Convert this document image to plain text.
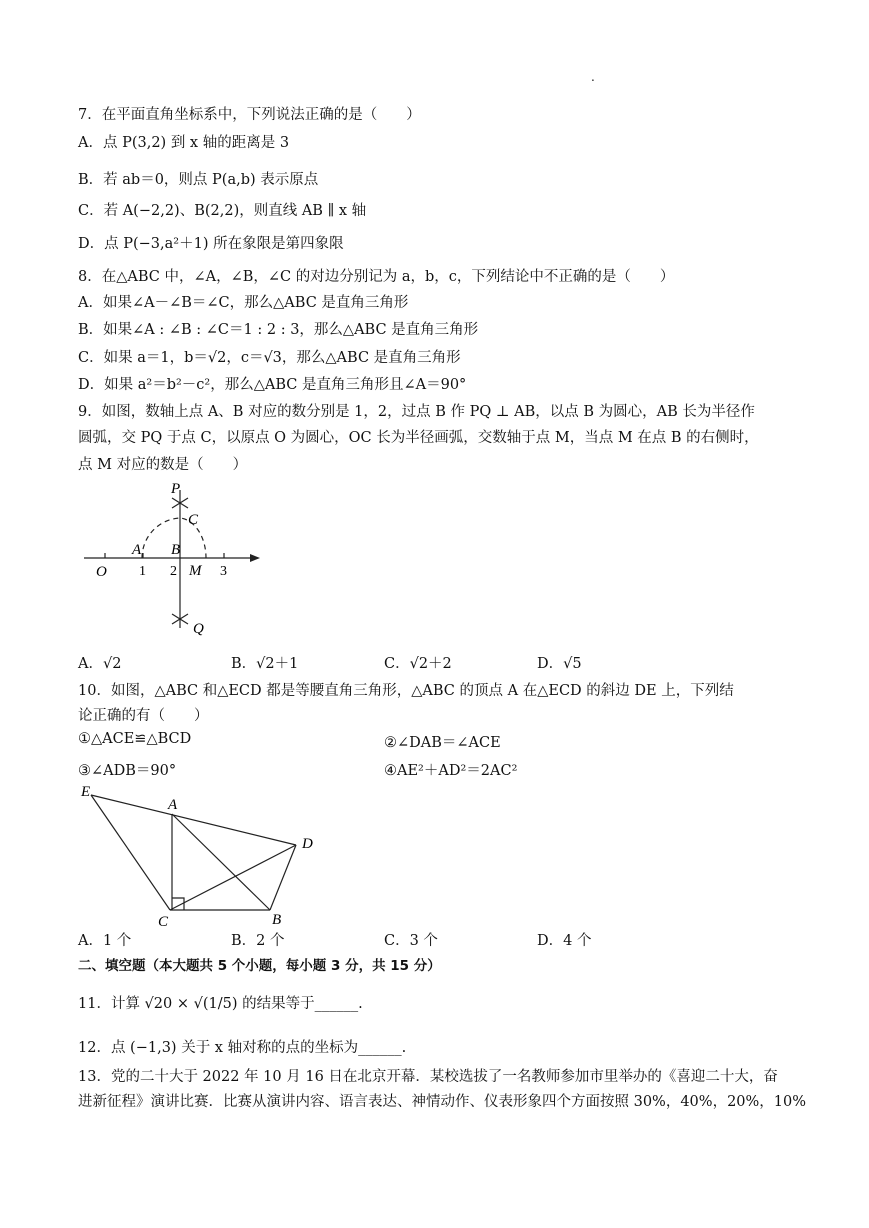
.
7．在平面直角坐标系中，下列说法正确的是（　　）
A．点 P(3,2) 到 x 轴的距离是 3
B．若 ab＝0，则点 P(a,b) 表示原点
C．若 A(−2,2)、B(2,2)，则直线 AB ∥ x 轴
D．点 P(−3,a²＋1) 所在象限是第四象限
8．在△ABC 中，∠A，∠B，∠C 的对边分别记为 a，b，c，下列结论中不正确的是（　　）
A．如果∠A－∠B＝∠C，那么△ABC 是直角三角形
B．如果∠A : ∠B : ∠C＝1 : 2 : 3，那么△ABC 是直角三角形
C．如果 a＝1，b＝√2，c＝√3，那么△ABC 是直角三角形
D．如果 a²＝b²－c²，那么△ABC 是直角三角形且∠A＝90°
9．如图，数轴上点 A、B 对应的数分别是 1，2，过点 B 作 PQ ⊥ AB，以点 B 为圆心，AB 长为半径作
圆弧，交 PQ 于点 C，以原点 O 为圆心，OC 长为半径画弧，交数轴于点 M，当点 M 在点 B 的右侧时，
点 M 对应的数是（　　）
P
C
A B
O 1 2 M 3
Q
A．√2	B．√2＋1	C．√2＋2	D．√5
10．如图，△ABC 和△ECD 都是等腰直角三角形，△ABC 的顶点 A 在△ECD 的斜边 DE 上，下列结
论正确的有（　　）
①△ACE≌△BCD	②∠DAB＝∠ACE
③∠ADB＝90°	④AE²＋AD²＝2AC²
E
A
D
C	B
A．1 个	B．2 个	C．3 个	D．4 个
二、填空题（本大题共 5 个小题，每小题 3 分，共 15 分）
11．计算 √20 × √(1/5) 的结果等于______.
12．点 (−1,3) 关于 x 轴对称的点的坐标为______.
13．党的二十大于 2022 年 10 月 16 日在北京开幕．某校选拔了一名教师参加市里举办的《喜迎二十大，奋
进新征程》演讲比赛．比赛从演讲内容、语言表达、神情动作、仪表形象四个方面按照 30%，40%，20%，10%
